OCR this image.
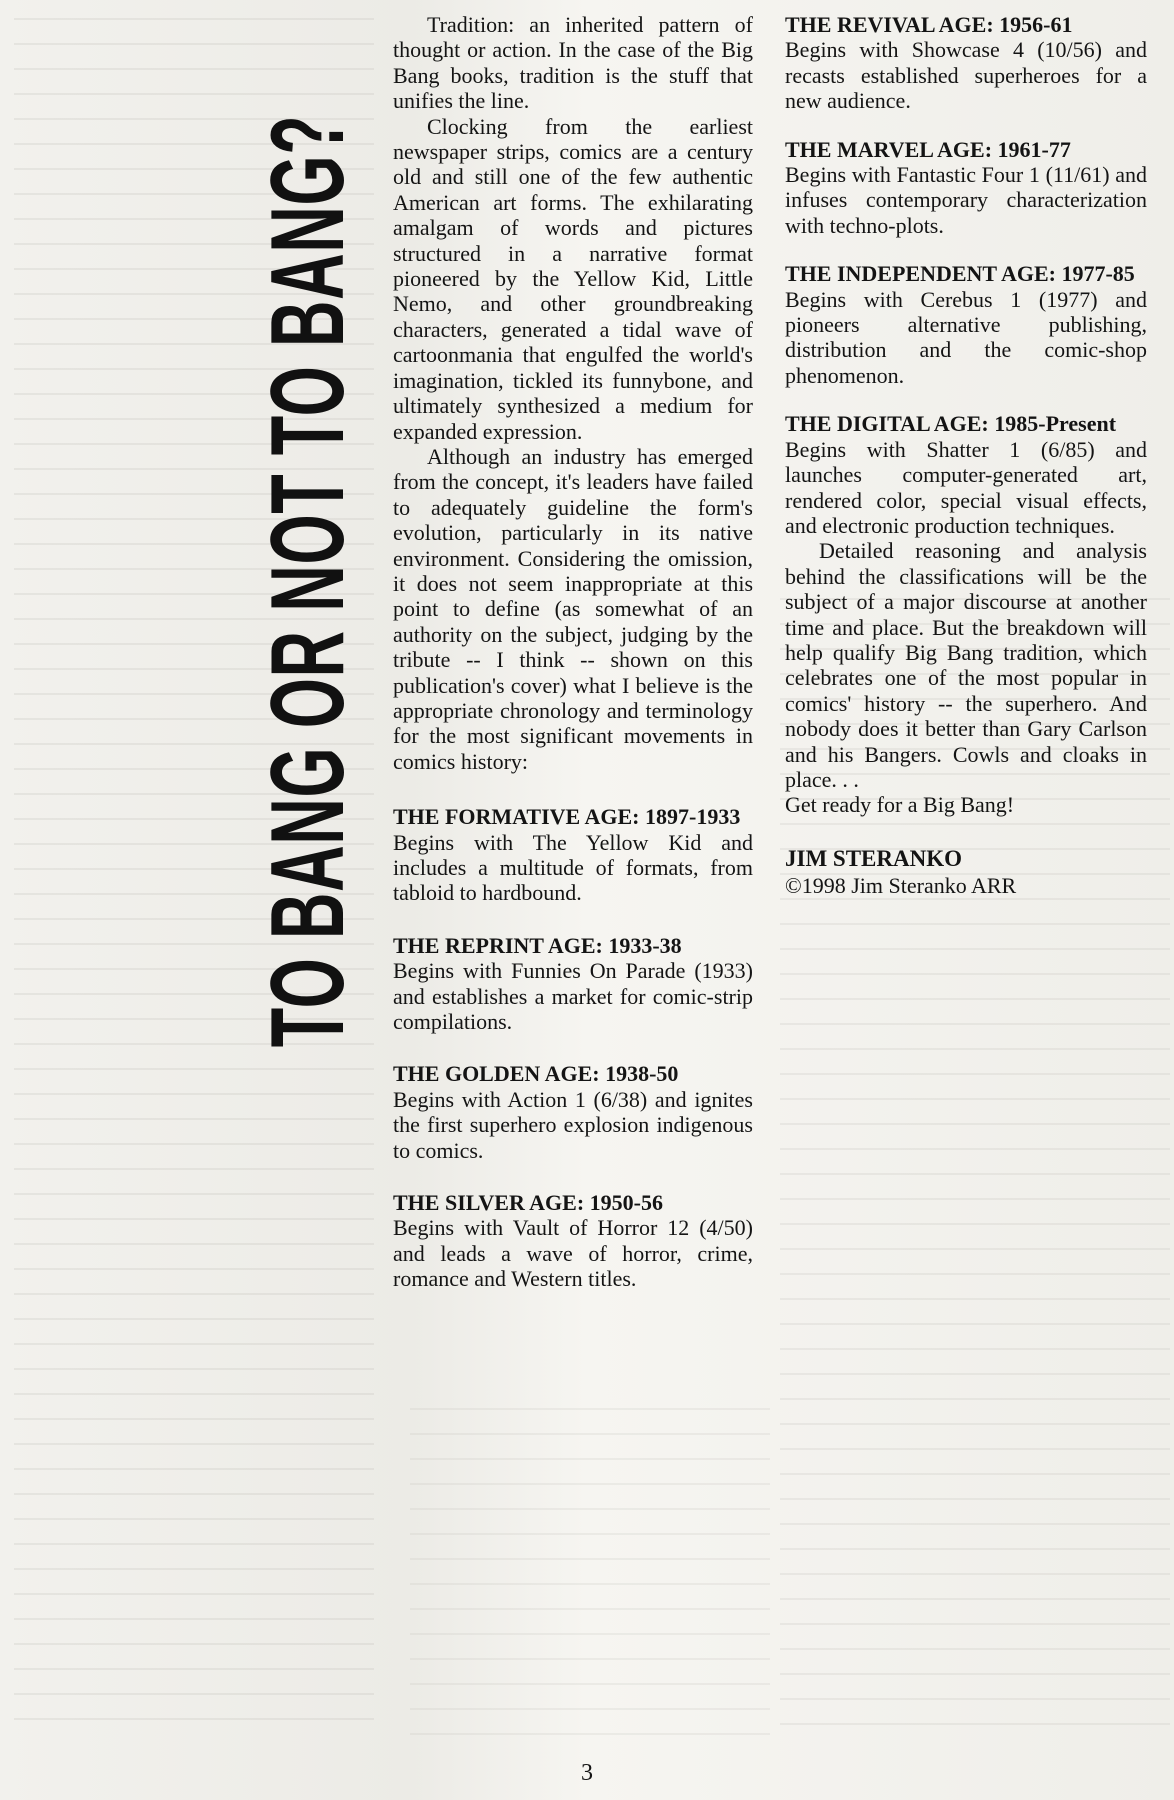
TO BANG OR NOT TO BANG?

Tradition: an inherited pattern of thought or action. In the case of the Big Bang books, tradition is the stuff that unifies the line.

Clocking from the earliest newspaper strips, comics are a century old and still one of the few authentic American art forms. The exhilarating amalgam of words and pictures structured in a narrative format pioneered by the Yellow Kid, Little Nemo, and other groundbreaking characters, generated a tidal wave of cartoonmania that engulfed the world's imagination, tickled its funnybone, and ultimately synthesized a medium for expanded expression.

Although an industry has emerged from the concept, it's leaders have failed to adequately guideline the form's evolution, particularly in its native environment. Considering the omission, it does not seem inappropriate at this point to define (as somewhat of an authority on the subject, judging by the tribute -- I think -- shown on this publication's cover) what I believe is the appropriate chronology and terminology for the most significant movements in comics history:

THE FORMATIVE AGE: 1897-1933
Begins with The Yellow Kid and includes a multitude of formats, from tabloid to hardbound.
THE REPRINT AGE: 1933-38
Begins with Funnies On Parade (1933) and establishes a market for comic-strip compilations.
THE GOLDEN AGE: 1938-50
Begins with Action 1 (6/38) and ignites the first superhero explosion indigenous to comics.
THE SILVER AGE: 1950-56
Begins with Vault of Horror 12 (4/50) and leads a wave of horror, crime, romance and Western titles.
THE REVIVAL AGE: 1956-61
Begins with Showcase 4 (10/56) and recasts established superheroes for a new audience.
THE MARVEL AGE: 1961-77
Begins with Fantastic Four 1 (11/61) and infuses contemporary characterization with techno-plots.
THE INDEPENDENT AGE: 1977-85
Begins with Cerebus 1 (1977) and pioneers alternative publishing, distribution and the comic-shop phenomenon.
THE DIGITAL AGE: 1985-Present
Begins with Shatter 1 (6/85) and launches computer-generated art, rendered color, special visual effects, and electronic production techniques.

Detailed reasoning and analysis behind the classifications will be the subject of a major discourse at another time and place. But the breakdown will help qualify Big Bang tradition, which celebrates one of the most popular in comics' history -- the superhero. And nobody does it better than Gary Carlson and his Bangers. Cowls and cloaks in place. . .

Get ready for a Big Bang!

JIM STERANKO
©1998 Jim Steranko ARR
3
